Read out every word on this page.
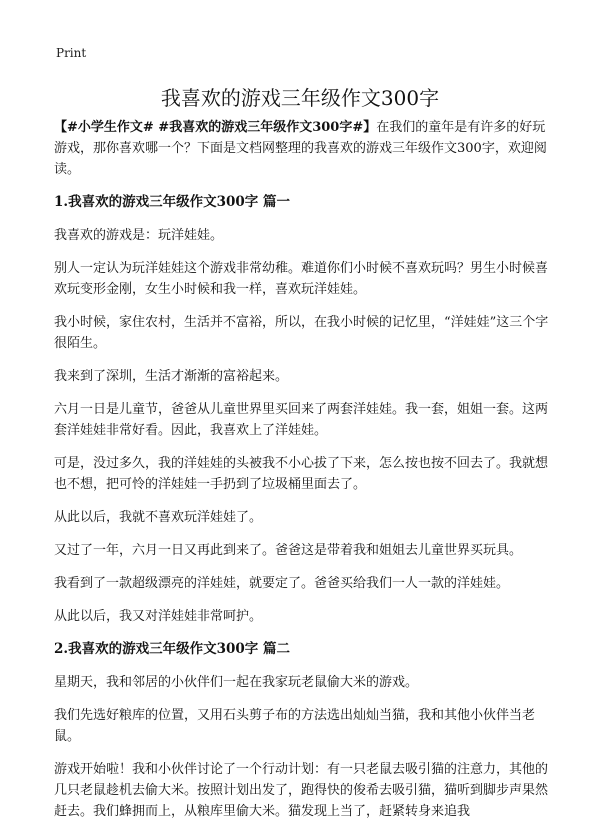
Print
我喜欢的游戏三年级作文300字

【#小学生作文# #我喜欢的游戏三年级作文300字#】在我们的童年是有许多的好玩游戏，那你喜欢哪一个？下面是文档网整理的我喜欢的游戏三年级作文300字，欢迎阅读。

1.我喜欢的游戏三年级作文300字 篇一

我喜欢的游戏是：玩洋娃娃。

别人一定认为玩洋娃娃这个游戏非常幼稚。难道你们小时候不喜欢玩吗？男生小时候喜欢玩变形金刚，女生小时候和我一样，喜欢玩洋娃娃。

我小时候，家住农村，生活并不富裕，所以，在我小时候的记忆里，“洋娃娃”这三个字很陌生。

我来到了深圳，生活才渐渐的富裕起来。

六月一日是儿童节，爸爸从儿童世界里买回来了两套洋娃娃。我一套，姐姐一套。这两套洋娃娃非常好看。因此，我喜欢上了洋娃娃。

可是，没过多久，我的洋娃娃的头被我不小心拔了下来，怎么按也按不回去了。我就想也不想，把可怜的洋娃娃一手扔到了垃圾桶里面去了。

从此以后，我就不喜欢玩洋娃娃了。

又过了一年，六月一日又再此到来了。爸爸这是带着我和姐姐去儿童世界买玩具。

我看到了一款超级漂亮的洋娃娃，就要定了。爸爸买给我们一人一款的洋娃娃。

从此以后，我又对洋娃娃非常呵护。

2.我喜欢的游戏三年级作文300字 篇二

星期天，我和邻居的小伙伴们一起在我家玩老鼠偷大米的游戏。

我们先选好粮库的位置，又用石头剪子布的方法选出灿灿当猫，我和其他小伙伴当老鼠。

游戏开始啦！我和小伙伴讨论了一个行动计划：有一只老鼠去吸引猫的注意力，其他的几只老鼠趁机去偷大米。按照计划出发了，跑得快的俊希去吸引猫，猫听到脚步声果然赶去。我们蜂拥而上，从粮库里偷大米。猫发现上当了，赶紧转身来追我
